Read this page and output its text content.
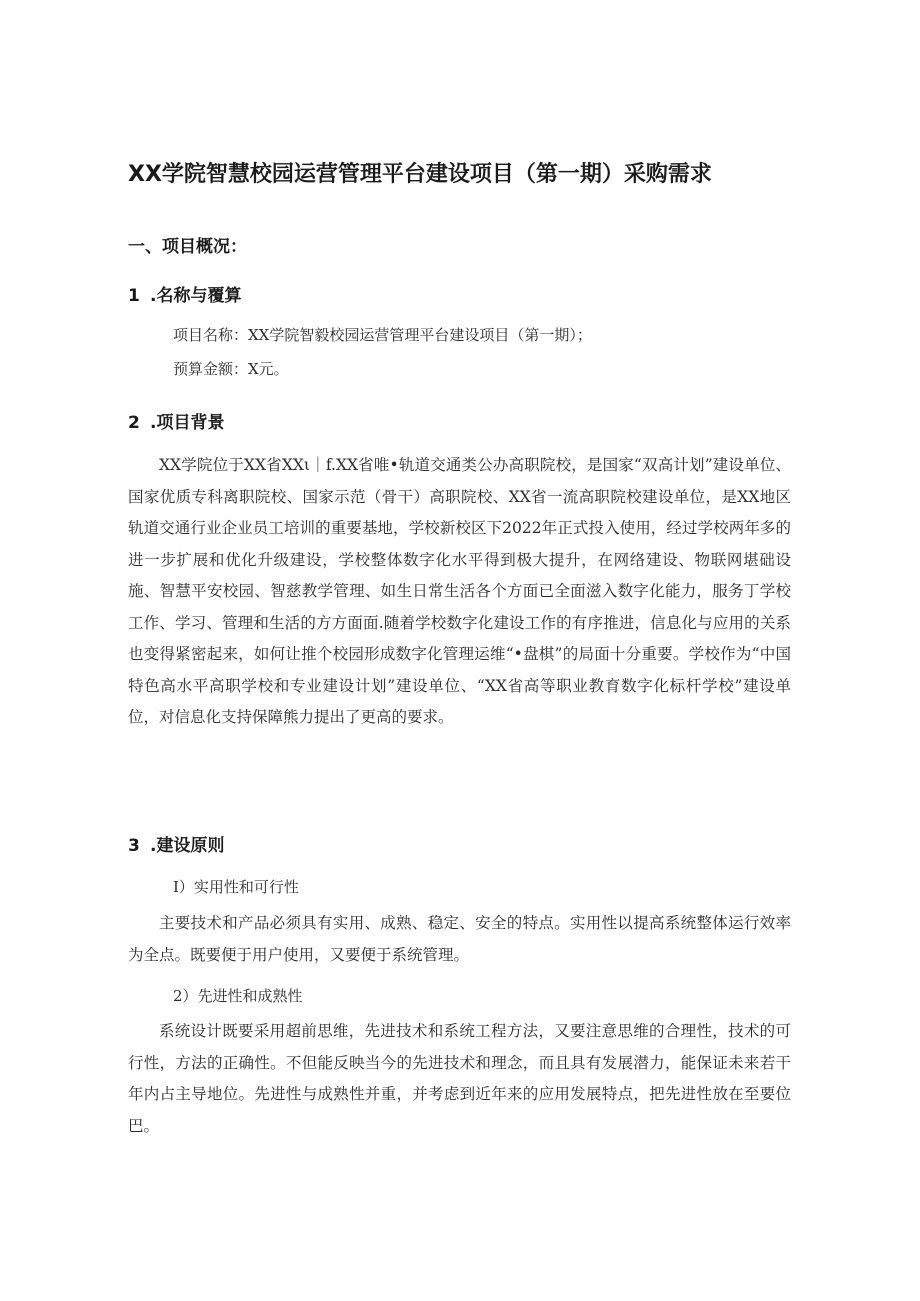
XX学院智慧校园运营管理平台建设项目（第一期）采购需求
一、项目概况：
1 .名称与覆算

项目名称：XX学院智毅校园运营管理平台建设项目（第一期）；

预算金额：X元。

2 .项目背景

XX学院位于XX省XXι｜f.XX省唯•轨道交通类公办高职院校，是国家“双高计划”建设单位、国家优质专科离职院校、国家示范（骨干）高职院校、XX省一流高职院校建设单位，是XX地区轨道交通行业企业员工培训的重要基地，学校新校区下2022年正式投入使用，经过学校两年多的进一步扩展和优化升级建设，学校整体数字化水平得到极大提升，在网络建设、物联网堪础设施、智慧平安校园、智慈教学管理、如生日常生活各个方面已全面滋入数字化能力，服务丁学校工作、学习、管理和生活的方方面面.随着学校数字化建设工作的有序推进，信息化与应用的关系也变得紧密起来，如何让推个校园形成数字化管理运维“•盘棋”的局面十分重要。学校作为“中国特色高水平高职学校和专业建设计划”建设单位、“XX省高等职业教育数字化标杆学校”建设单位，对信息化支持保障熊力提出了更高的要求。

3 .建设原则

I）实用性和可行性

主要技术和产品必须具有实用、成熟、稳定、安全的特点。实用性以提高系统整体运行效率为全点。既要便于用户使用，又要便于系统管理。

2）先进性和成熟性

系统设计既要采用超前思维，先进技术和系统工程方法，又要注意思维的合理性，技术的可行性，方法的正确性。不但能反映当今的先进技术和理念，而且具有发展潜力，能保证未来若干年内占主导地位。先进性与成熟性并重，并考虑到近年来的应用发展特点，把先进性放在至要位巴。
